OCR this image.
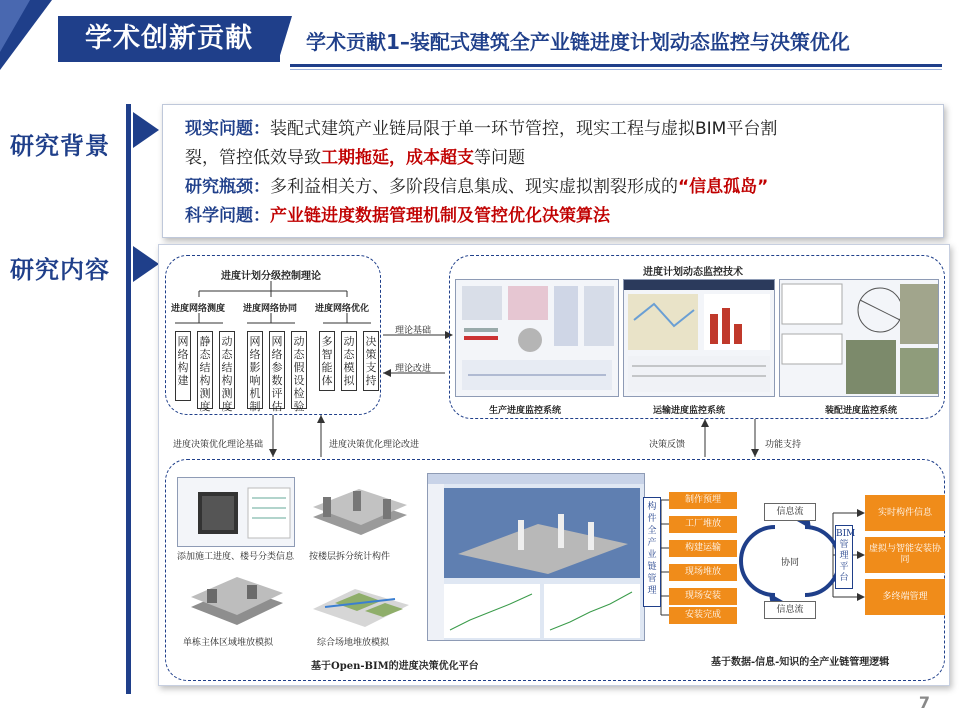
学术创新贡献	学术贡献1–装配式建筑全产业链进度计划动态监控与决策优化
研究背景
研究内容

现实问题：装配式建筑产业链局限于单一环节管控，现实工程与虚拟BIM平台割

裂，管控低效导致工期拖延，成本超支等问题

研究瓶颈：多利益相关方、多阶段信息集成、现实虚拟割裂形成的“信息孤岛”

科学问题：产业链进度数据管理机制及管控优化决策算法

进度计划分级控制理论
进度网络测度 进度网络协同 进度网络优化
网络构建
静态结构测度
动态结构测度
网络影响机制
网络参数评估
动态假设检验
多智能体
动态模拟
决策支持
理论基础
理论改进
进度计划动态监控技术
生产进度监控系统	运输进度监控系统	装配进度监控系统
进度决策优化理论基础	进度决策优化理论改进	决策反馈	功能支持
添加施工进度、楼号分类信息 按楼层拆分统计构件
单栋主体区域堆放模拟	综合场地堆放模拟
基于Open-BIM的进度决策优化平台
构件全产业链管理
制作预埋
工厂堆放
构建运输
现场堆放
现场安装
安装完成
信息流
协同
信息流
BIM管理平台
实时构件信息
虚拟与智能安装协同
多终端管理
基于数据-信息-知识的全产业链管理逻辑
7
